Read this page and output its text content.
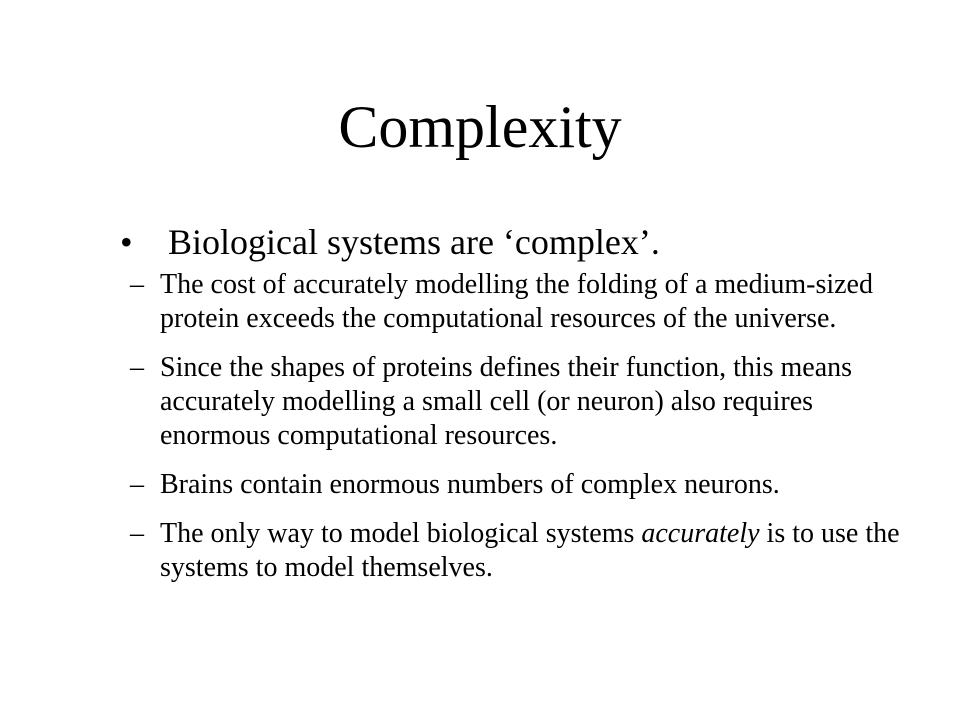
Complexity
• Biological systems are ‘complex’.
– The cost of accurately modelling the folding of a medium-sized protein exceeds the computational resources of the universe.
– Since the shapes of proteins defines their function, this means accurately modelling a small cell (or neuron) also requires enormous computational resources.
– Brains contain enormous numbers of complex neurons.
– The only way to model biological systems accurately is to use the systems to model themselves.
